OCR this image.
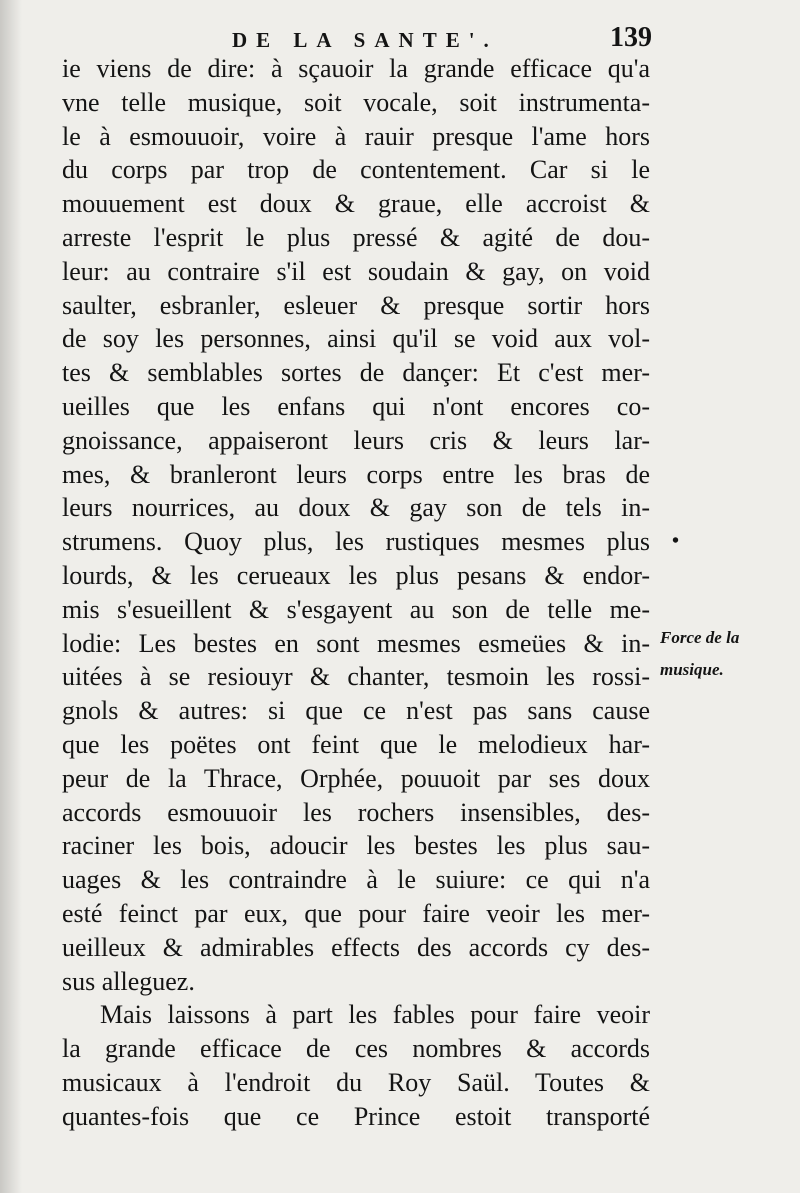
DE LA SANTE'.	139
ie viens de dire: à sçauoir la grande efficace qu'a
vne telle musique, soit vocale, soit instrumenta-
le à esmouuoir, voire à rauir presque l'ame hors
du corps par trop de contentement. Car si le
mouuement est doux & graue, elle accroist &
arreste l'esprit le plus pressé & agité de dou-
leur: au contraire s'il est soudain & gay, on void
saulter, esbranler, esleuer & presque sortir hors
de soy les personnes, ainsi qu'il se void aux vol-
tes & semblables sortes de dançer: Et c'est mer-
ueilles que les enfans qui n'ont encores co-
gnoissance, appaiseront leurs cris & leurs lar-
mes, & branleront leurs corps entre les bras de
leurs nourrices, au doux & gay son de tels in-
strumens. Quoy plus, les rustiques mesmes plus
lourds, & les cerueaux les plus pesans & endor-
mis s'esueillent & s'esgayent au son de telle me-
lodie: Les bestes en sont mesmes esmeües & in-
uitées à se resiouyr & chanter, tesmoin les rossi-
gnols & autres: si que ce n'est pas sans cause
que les poëtes ont feint que le melodieux har-
peur de la Thrace, Orphée, pouuoit par ses doux
accords esmouuoir les rochers insensibles, des-
raciner les bois, adoucir les bestes les plus sau-
uages & les contraindre à le suiure: ce qui n'a
esté feinct par eux, que pour faire veoir les mer-
ueilleux & admirables effects des accords cy des-
sus alleguez.
Mais laissons à part les fables pour faire veoir
la grande efficace de ces nombres & accords
musicaux à l'endroit du Roy Saül. Toutes &
quantes-fois que ce Prince estoit transporté
•
Force de la
musique.
